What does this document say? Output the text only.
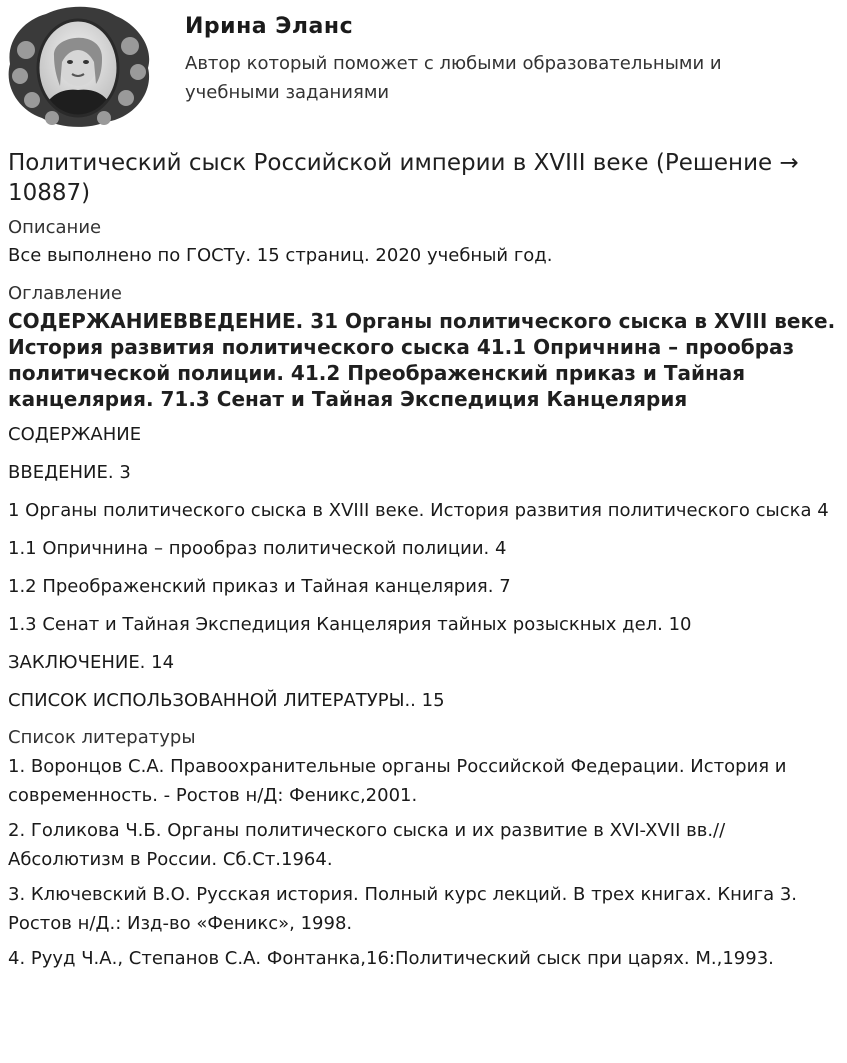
Ирина Эланс
Автор который поможет с любыми образовательными и учебными заданиями
Политический сыск Российской империи в XVIII веке (Решение → 10887)
Описание

Все выполнено по ГОСТу. 15 страниц. 2020 учебный год.

Оглавление

СОДЕРЖАНИЕВВЕДЕНИЕ. 31 Органы политического сыска в XVIII веке. История развития политического сыска 41.1 Опричнина – прообраз политической полиции. 41.2 Преображенский приказ и Тайная канцелярия. 71.3 Сенат и Тайная Экспедиция Канцелярия

СОДЕРЖАНИЕ

ВВЕДЕНИЕ. 3

1 Органы политического сыска в XVIII веке. История развития политического сыска 4

1.1 Опричнина – прообраз политической полиции. 4

1.2 Преображенский приказ и Тайная канцелярия. 7

1.3 Сенат и Тайная Экспедиция Канцелярия тайных розыскных дел. 10

ЗАКЛЮЧЕНИЕ. 14

СПИСОК ИСПОЛЬЗОВАННОЙ ЛИТЕРАТУРЫ.. 15

Список литературы

1. Воронцов С.А. Правоохранительные органы Российской Федерации. История и современность. - Ростов н/Д: Феникс,2001.

2. Голикова Ч.Б. Органы политического сыска и их развитие в XVI-XVII вв.// Абсолютизм в России. Сб.Ст.1964.

3. Ключевский В.О. Русская история. Полный курс лекций. В трех книгах. Книга 3. Ростов н/Д.: Изд-во «Феникс», 1998.

4. Рууд Ч.А., Степанов С.А. Фонтанка,16:Политический сыск при царях. М.,1993.
